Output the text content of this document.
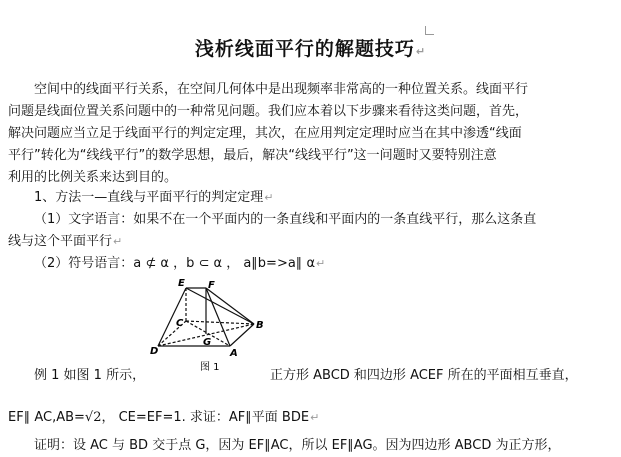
浅析线面平行的解题技巧↵
空间中的线面平行关系，在空间几何体中是出现频率非常高的一种位置关系。线面平行
问题是线面位置关系问题中的一种常见问题。我们应本着以下步骤来看待这类问题，首先，
解决问题应当立足于线面平行的判定定理，其次，在应用判定定理时应当在其中渗透“线面
平行”转化为“线线平行”的数学思想，最后，解决“线线平行”这一问题时又要特别注意
利用的比例关系来达到目的。
1、方法一—直线与平面平行的判定定理↵
（1）文字语言：如果不在一个平面内的一条直线和平面内的一条直线平行，那么这条直
线与这个平面平行↵
（2）符号语言：a ⊄ α ，b ⊂ α ， a∥b=>a∥ α↵
E F
C
G
B
D	A
图 1
例 1 如图 1 所示，	正方形 ABCD 和四边形 ACEF 所在的平面相互垂直，
EF∥ AC,AB=√2， CE=EF=1. 求证：AF∥平面 BDE↵
证明：设 AC 与 BD 交于点 G，因为 EF∥AC，所以 EF∥AG。因为四边形 ABCD 为正方形，
